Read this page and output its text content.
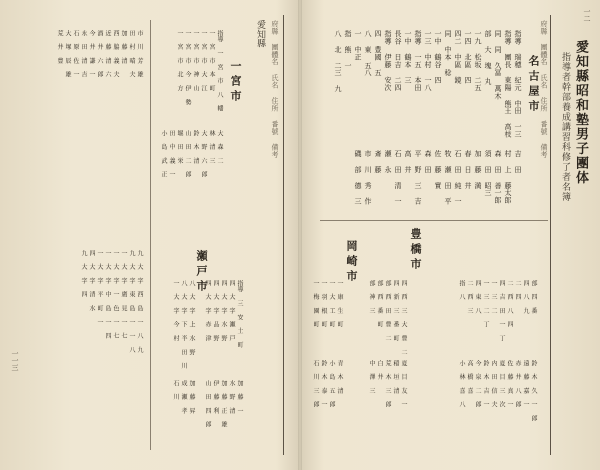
一二
愛知縣昭和塾男子團体
指導者幹部養成講習科修了者名簿
府縣 團體名 氏名 住所 番號 備考
名古屋市
指導 瑞穂 紀元 中田 一三
指導 團長 東陽 熊王 高枝
同 同 久冨 萬木
部 大 塊 丸
一九 松坂 二五
一四 北區 四
四二 中區 鏡
同 中本 稔
一中 鶴谷 四
一三 中村 一八
指導 一五 本田
一中 鶴本 三
長谷 日吉 二四
指導 伊藤 安次
四 豊國 五
八 東 五八
一 中正
指 熊 一
八 北 二三 九
吉 田
村 上 藤太郎
森 田 善一郎
須 田 昭三
加 藤 満
春 日 井
石 田 純 一
牧 瀬 田 平
佐 藤 實
森 田
平 野 三 吉
高 井
石 田 清 一
瀬 永
斎 藤
市 川 秀 作
磯 部 德 三
豊橋市
岡崎市
四 西 三 大 豊 二
四 新 三 番 町
部 西 田 豊 二
部 西 番 町
部 神 三	部 四 番
四 八 九
二 四
二 西 八 四
四 吉 田 一 丁
一 三 二
一 三 二 丁
四 東 八
二 西 三
指 八
鈴 木 久 一 郎
遠 藤 嘉 一
赤 井 八 郎
佐 藤 真 一
夏 目 三 次
内 田 信 夫
鈴 木 吉 一
今 泉 二 郎
高 橋 喜
小 林 喜 八
夏 目 友 一
稲 垣 清
荒 木 三 郎
白 井
中 澤 三
一 康 生 町
一 大 工 町
一 羽 根 町
一 梅 園 町
青 木 清
小 島 五 郎
鈴 木 泰 一
石 川 三 郎
一一三
府縣 團體名 氏名 住所 番號 備考
愛知縣
一宮市
指導 一 宮 市 八 幡
一 宮 市 本 町
一 宮 市 大 江
一 宮 市 神 山
一 宮 市 今 伊 勢
一 宮 市 北 方
大 森 二
林 清 三
大 野 六 郎
鈴 木 清
山 田 二 郎
堀 田 栄
田 中 義 一
小 島 武 正
瀬戸市
指導 三 安 土 町
四 大 字 瀬 戸
四 大 字 水 野
四 大 字 品 野
四 大 字 赤 津
八 大 字 上 水 野
八 大 字 下 半 田 川
一 大 字 今 村
加 藤 一
水 野 清
加 藤 正 雄
伊 藤 利
山 田 四 郎
加 藤 昇
成 瀬 孝
石 川
九 大 字 西 島 一 八 九
九 大 字 東 島 一 一 八
一 大 字 廣 見 一 七
一 大 字 一 色 一 七
一 大 字 中 島 一 四
一 大 字 平 町 一
四 大 字 清 水
九 大 字 四
市 川 芳 雄
田 村 晴 夫
加 藤 清
西 脇 義 夫
近 藤 清 六
酒 井 六 郎
今 井 謙 一
永 田 清 吉
石 原 佐 一
大 塚 辰 雄
荒 井 豊
